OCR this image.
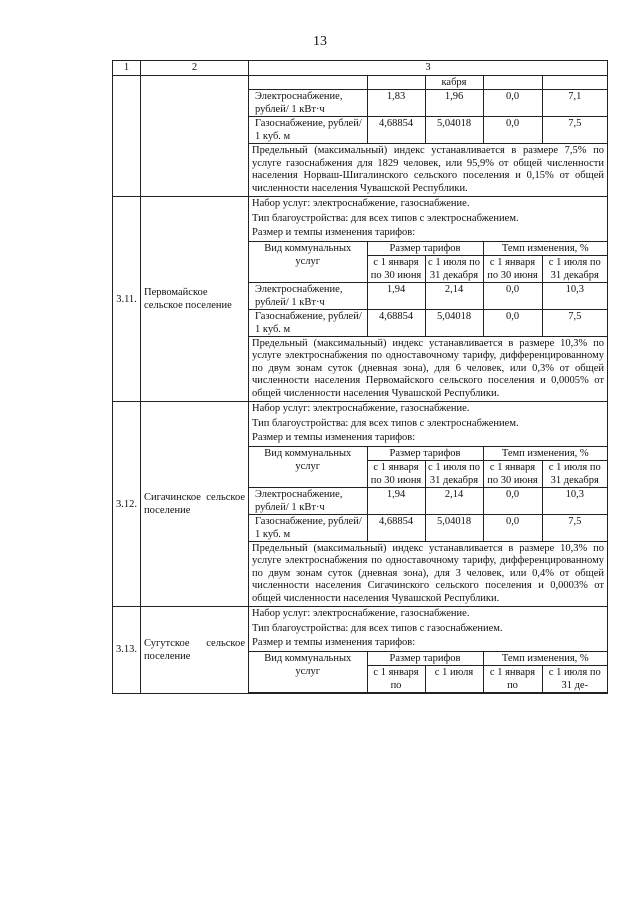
13
1	2	3

		кабря		
Электроснабжение, рублей/ 1 кВт·ч	1,83	1,96	0,0	7,1
Газоснабжение, рублей/ 1 куб. м	4,68854	5,04018	0,0	7,5
Предельный (максимальный) индекс устанавливается в размере 7,5% по услуге газоснабжения для 1829 человек, или 95,9% от общей численности населения Норваш-Шигалинского сельского поселения и 0,15% от общей численности населения Чувашской Республики.

3.11.	Первомайское сельское поселение	
Набор услуг: электроснабжение, газоснабжение.
Тип благоустройства: для всех типов с электроснабжением.
Размер и темпы изменения тарифов:
Вид коммунальных услуг	Размер тарифов	Темп изменения, %
с 1 января по 30 июня	с 1 июля по 31 декабря	с 1 января по 30 июня	с 1 июля по 31 декабря
Электроснабжение, рублей/ 1 кВт·ч	1,94	2,14	0,0	10,3
Газоснабжение, рублей/ 1 куб. м	4,68854	5,04018	0,0	7,5
Предельный (максимальный) индекс устанавливается в размере 10,3% по услуге электроснабжения по одноставочному тарифу, дифференцированному по двум зонам суток (дневная зона), для 6 человек, или 0,3% от общей численности населения Первомайского сельского поселения и 0,0005% от общей численности населения Чувашской Республики.

3.12.	Сигачинское сельское поселение	
Набор услуг: электроснабжение, газоснабжение.
Тип благоустройства: для всех типов с электроснабжением.
Размер и темпы изменения тарифов:
Вид коммунальных услуг	Размер тарифов	Темп изменения, %
с 1 января по 30 июня	с 1 июля по 31 декабря	с 1 января по 30 июня	с 1 июля по 31 декабря
Электроснабжение, рублей/ 1 кВт·ч	1,94	2,14	0,0	10,3
Газоснабжение, рублей/ 1 куб. м	4,68854	5,04018	0,0	7,5
Предельный (максимальный) индекс устанавливается в размере 10,3% по услуге электроснабжения по одноставочному тарифу, дифференцированному по двум зонам суток (дневная зона), для 3 человек, или 0,4% от общей численности населения Сигачинского сельского поселения и 0,0003% от общей численности населения Чувашской Республики.

3.13.	Сугутское сельское поселение	
Набор услуг: электроснабжение, газоснабжение.
Тип благоустройства: для всех типов с газоснабжением.
Размер и темпы изменения тарифов:
Вид коммунальных услуг	Размер тарифов	Темп изменения, %
с 1 января по	с 1 июля	с 1 января по	с 1 июля по 31 де-
